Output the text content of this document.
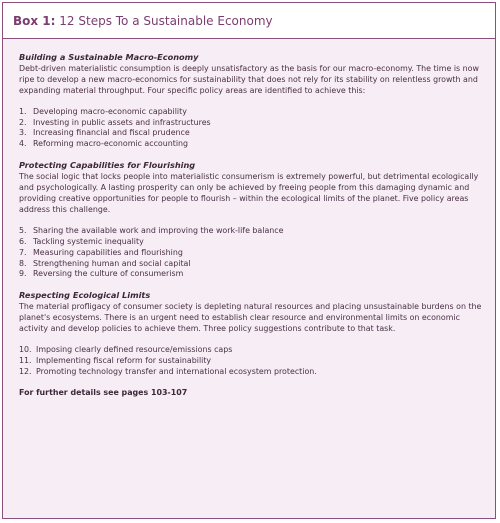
Box 1: 12 Steps To a Sustainable Economy

Building a Sustainable Macro-Economy

Debt-driven materialistic consumption is deeply unsatisfactory as the basis for our macro-economy. The time is now ripe to develop a new macro-economics for sustainability that does not rely for its stability on relentless growth and expanding material throughput. Four specific policy areas are identified to achieve this:

1. Developing macro-economic capability
2. Investing in public assets and infrastructures
3. Increasing financial and fiscal prudence
4. Reforming macro-economic accounting

Protecting Capabilities for Flourishing

The social logic that locks people into materialistic consumerism is extremely powerful, but detrimental ecologically and psychologically. A lasting prosperity can only be achieved by freeing people from this damaging dynamic and providing creative opportunities for people to flourish – within the ecological limits of the planet. Five policy areas address this challenge.

5. Sharing the available work and improving the work-life balance
6. Tackling systemic inequality
7. Measuring capabilities and flourishing
8. Strengthening human and social capital
9. Reversing the culture of consumerism

Respecting Ecological Limits

The material profligacy of consumer society is depleting natural resources and placing unsustainable burdens on the planet's ecosystems. There is an urgent need to establish clear resource and environmental limits on economic activity and develop policies to achieve them. Three policy suggestions contribute to that task.

10. Imposing clearly defined resource/emissions caps
11. Implementing fiscal reform for sustainability
12. Promoting technology transfer and international ecosystem protection.
For further details see pages 103-107
